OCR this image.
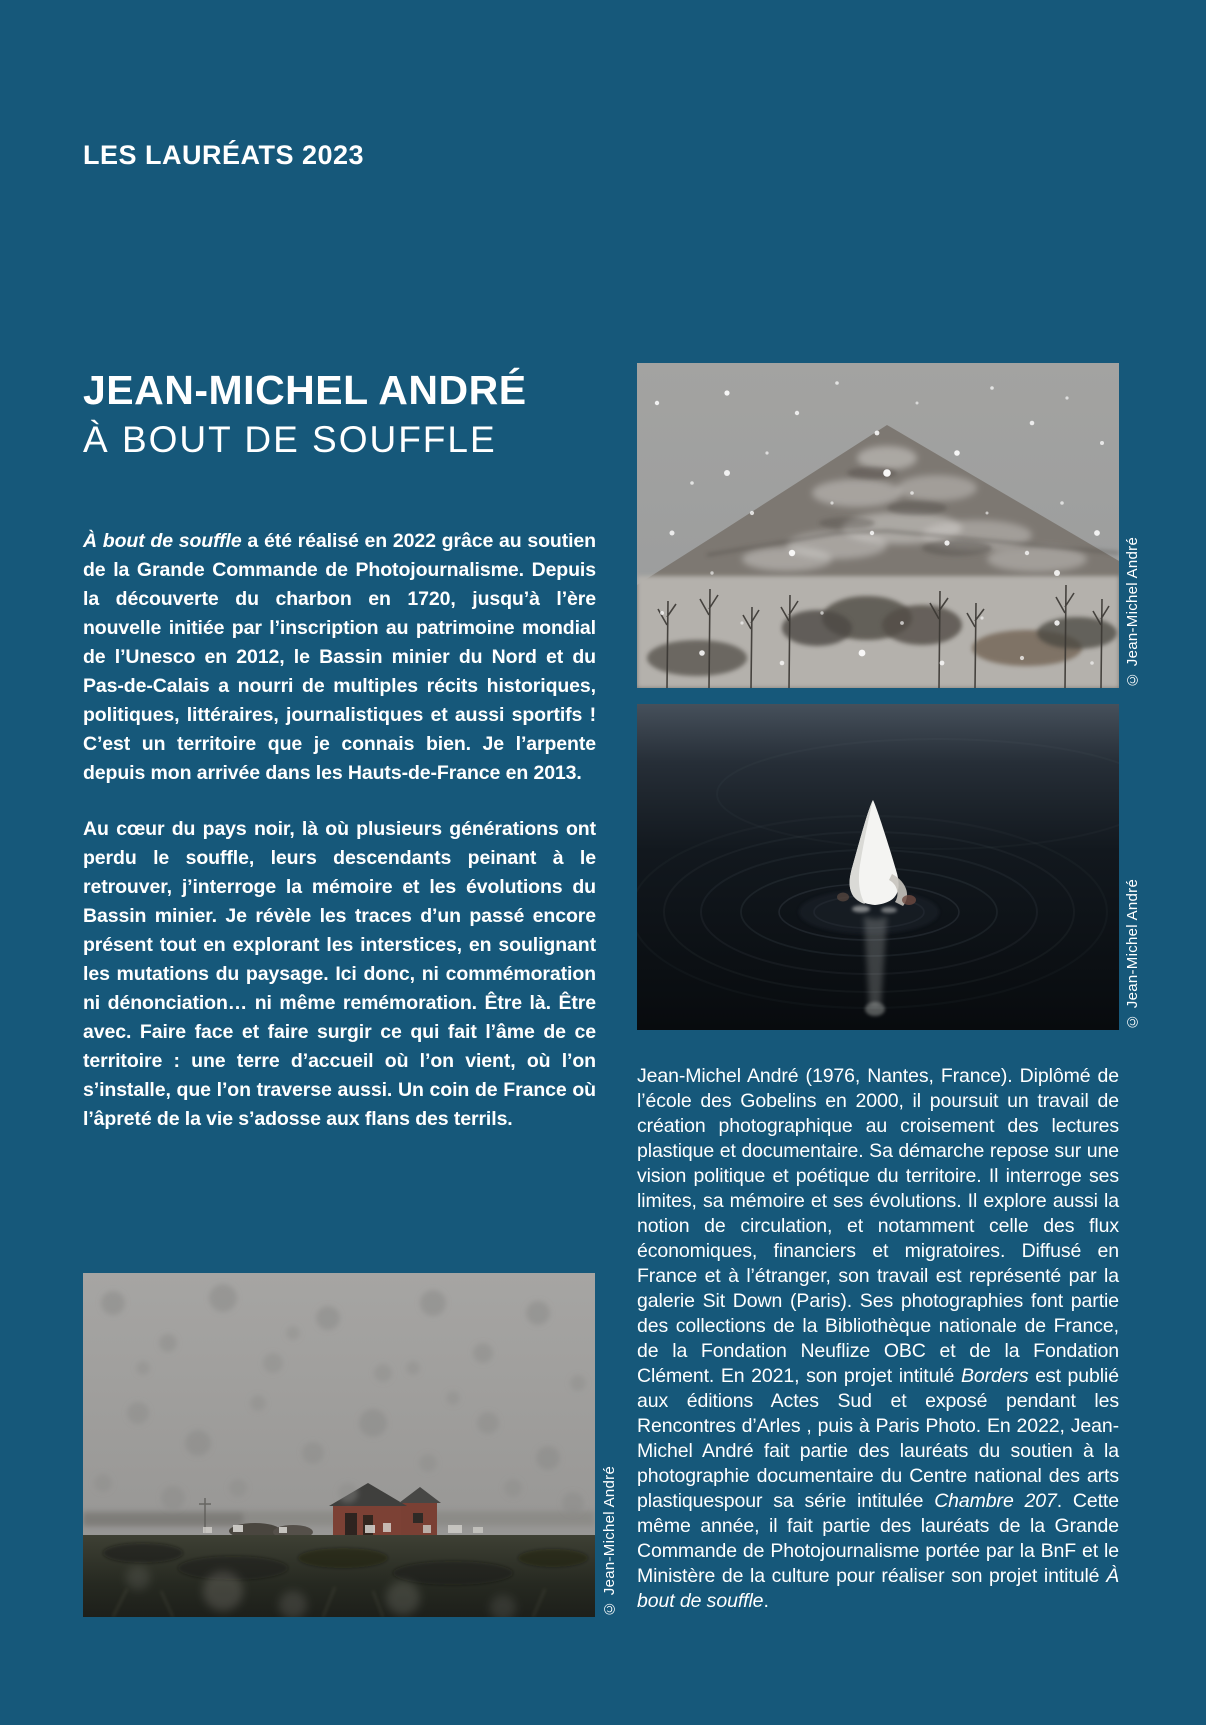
LES LAURÉATS 2023
JEAN-MICHEL ANDRÉ
À BOUT DE SOUFFLE

À bout de souffle a été réalisé en 2022 grâce au soutien de la Grande Commande de Photojournalisme. Depuis la découverte du charbon en 1720, jusqu’à l’ère nouvelle initiée par l’inscription au patrimoine mondial de l’Unesco en 2012, le Bassin minier du Nord et du Pas-de-Calais a nourri de multiples récits historiques, politiques, littéraires, journalistiques et aussi sportifs ! C’est un territoire que je connais bien. Je l’arpente depuis mon arrivée dans les Hauts-de-France en 2013.

Au cœur du pays noir, là où plusieurs générations ont perdu le souffle, leurs descendants peinant à le retrouver, j’interroge la mémoire et les évolutions du Bassin minier. Je révèle les traces d’un passé encore présent tout en explorant les interstices, en soulignant les mutations du paysage. Ici donc, ni commémoration ni dénonciation… ni même remémoration. Être là. Être avec. Faire face et faire surgir ce qui fait l’âme de ce territoire : une terre d’accueil où l’on vient, où l’on s’installe, que l’on traverse aussi. Un coin de France où l’âpreté de la vie s’adosse aux flans des terrils.

© Jean-Michel André
© Jean-Michel André
Jean-Michel André (1976, Nantes, France). Diplômé de l’école des Gobelins en 2000, il poursuit un travail de création photographique au croisement des lectures plastique et documentaire. Sa démarche repose sur une vision politique et poétique du territoire. Il interroge ses limites, sa mémoire et ses évolutions. Il explore aussi la notion de circulation, et notamment celle des flux économiques, financiers et migratoires. Diffusé en France et à l’étranger, son travail est représenté par la galerie Sit Down (Paris). Ses photographies font partie des collections de la Bibliothèque nationale de France, de la Fondation Neuflize OBC et de la Fondation Clément. En 2021, son projet intitulé Borders est publié aux éditions Actes Sud et exposé pendant les Rencontres d’Arles , puis à Paris Photo. En 2022, Jean-Michel André fait partie des lauréats du soutien à la photographie documentaire du Centre national des arts plastiquespour sa série intitulée Chambre 207. Cette même année, il fait partie des lauréats de la Grande Commande de Photojournalisme portée par la BnF et le Ministère de la culture pour réaliser son projet intitulé À bout de souffle.
© Jean-Michel André
